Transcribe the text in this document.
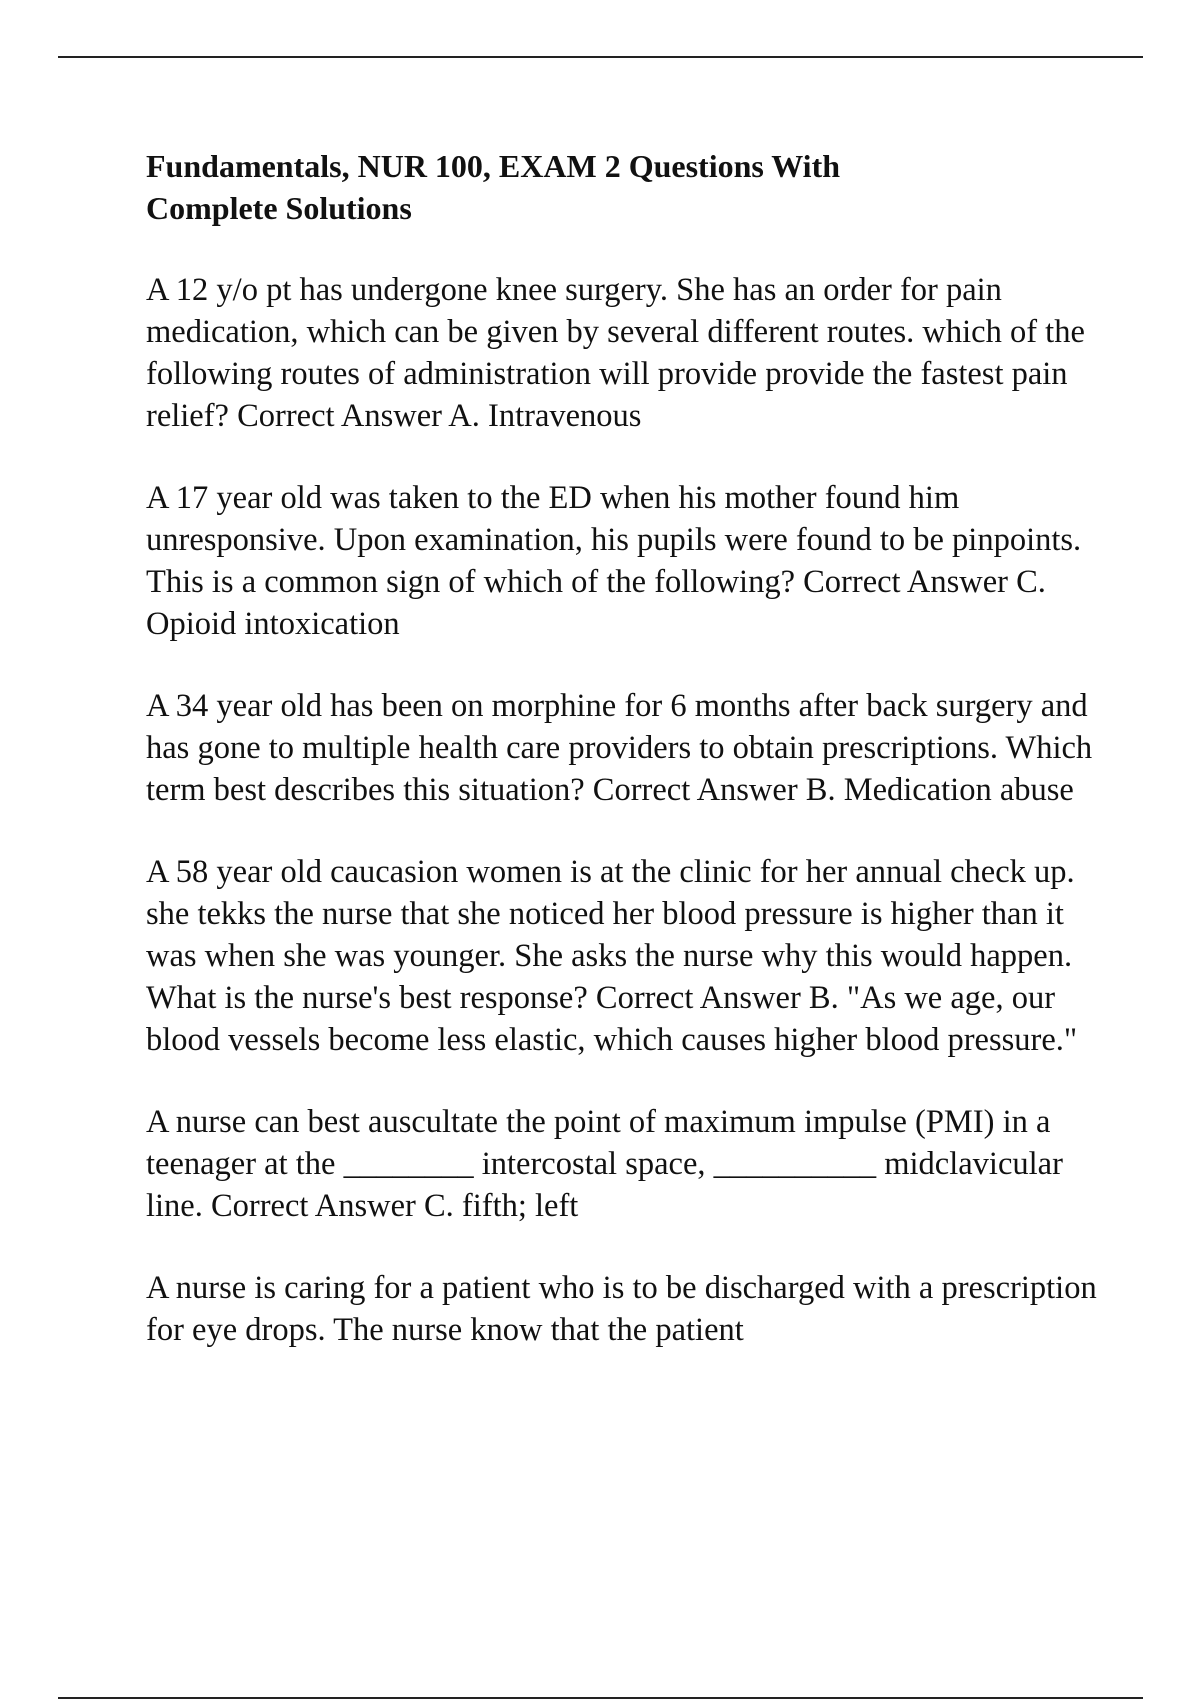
Fundamentals, NUR 100, EXAM 2 Questions With Complete Solutions

A 12 y/o pt has undergone knee surgery. She has an order for pain medication, which can be given by several different routes. which of the following routes of administration will provide provide the fastest pain relief? Correct Answer A. Intravenous

A 17 year old was taken to the ED when his mother found him unresponsive. Upon examination, his pupils were found to be pinpoints. This is a common sign of which of the following? Correct Answer C. Opioid intoxication

A 34 year old has been on morphine for 6 months after back surgery and has gone to multiple health care providers to obtain prescriptions. Which term best describes this situation? Correct Answer B. Medication abuse

A 58 year old caucasion women is at the clinic for her annual check up. she tekks the nurse that she noticed her blood pressure is higher than it was when she was younger. She asks the nurse why this would happen. What is the nurse's best response? Correct Answer B. "As we age, our blood vessels become less elastic, which causes higher blood pressure."

A nurse can best auscultate the point of maximum impulse (PMI) in a teenager at the ________ intercostal space, __________ midclavicular line. Correct Answer C. fifth; left

A nurse is caring for a patient who is to be discharged with a prescription for eye drops. The nurse know that the patient
